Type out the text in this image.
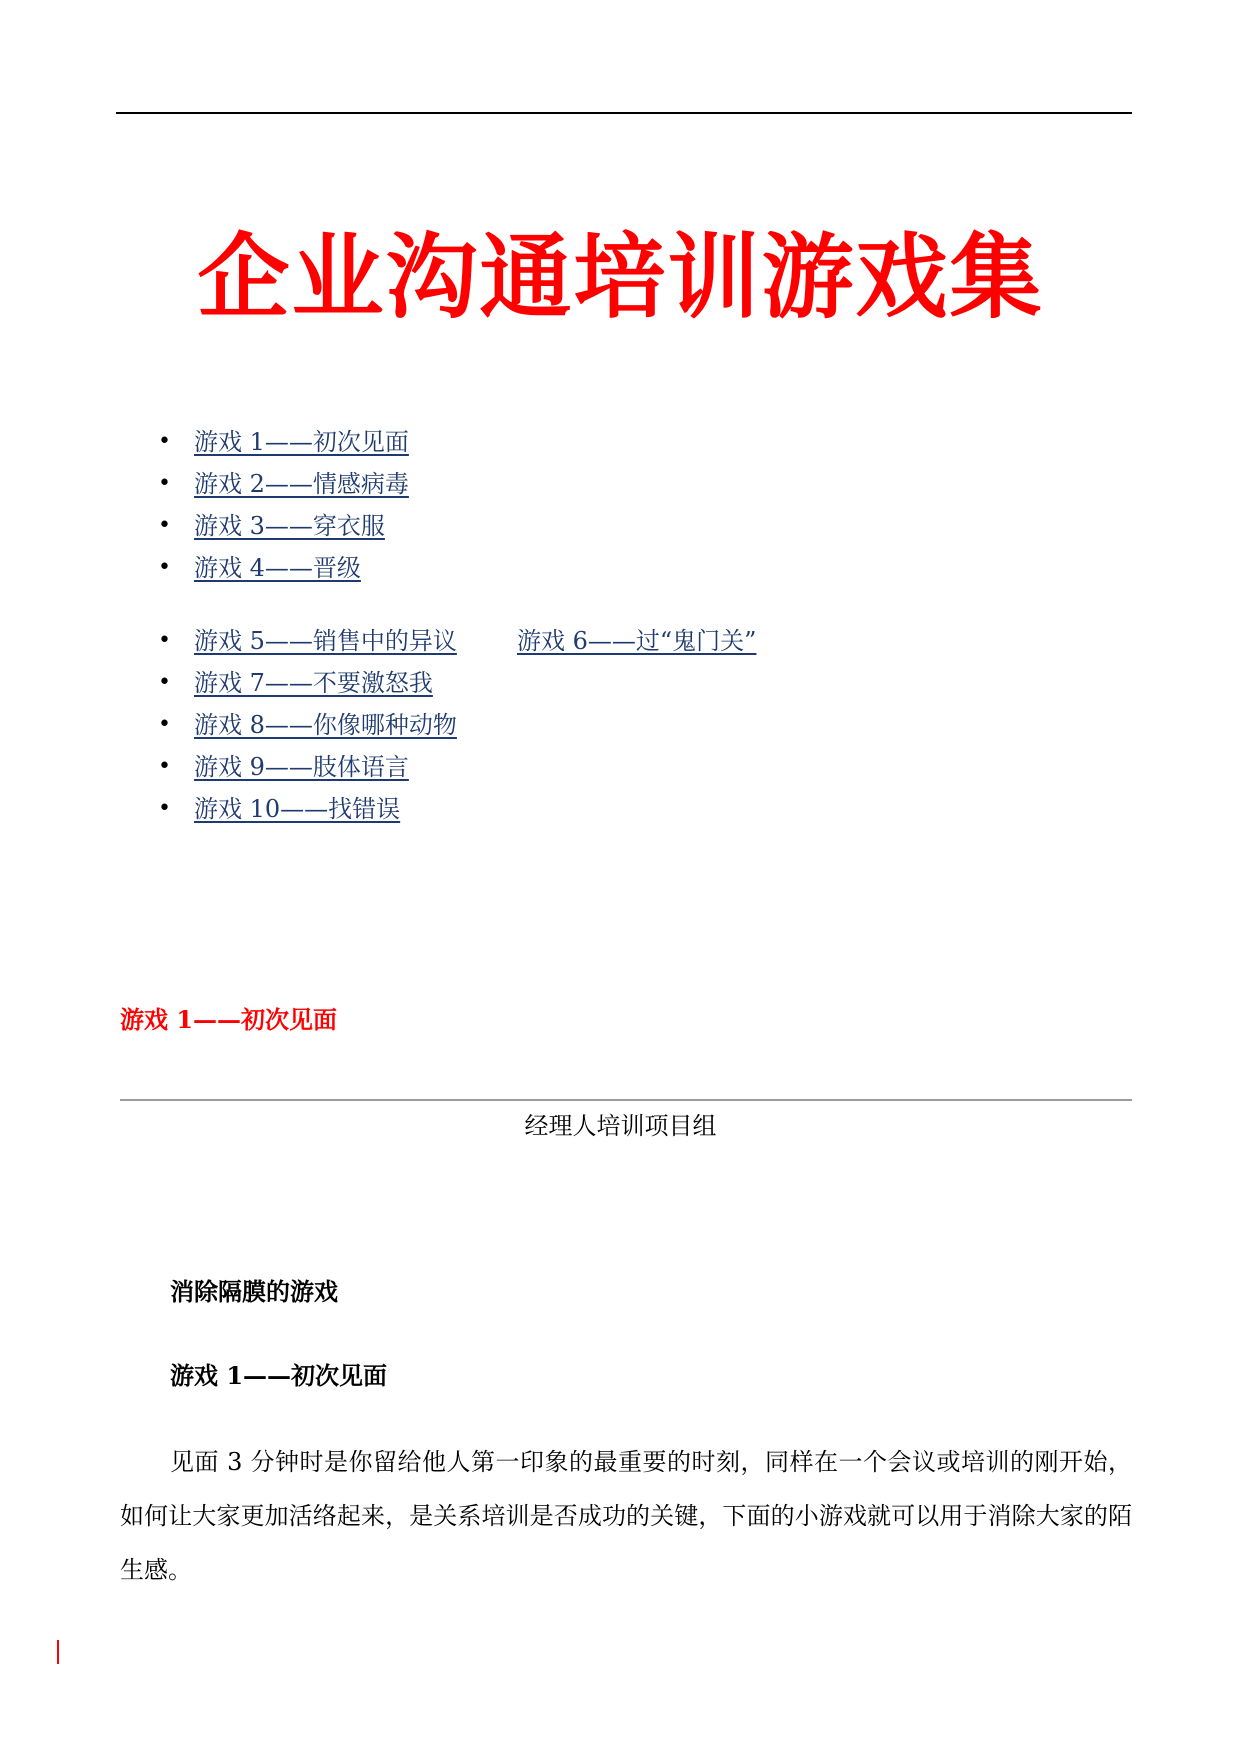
企业沟通培训游戏集
• 游戏 1——初次见面
• 游戏 2——情感病毒
• 游戏 3——穿衣服
• 游戏 4——晋级
• 游戏 5——销售中的异议	游戏 6——过“鬼门关”
• 游戏 7——不要激怒我
• 游戏 8——你像哪种动物
• 游戏 9——肢体语言
• 游戏 10——找错误
游戏 1——初次见面
经理人培训项目组
消除隔膜的游戏
游戏 1——初次见面

见面 3 分钟时是你留给他人第一印象的最重要的时刻，同样在一个会议或培训的刚开始，如何让大家更加活络起来，是关系培训是否成功的关键，下面的小游戏就可以用于消除大家的陌生感。
